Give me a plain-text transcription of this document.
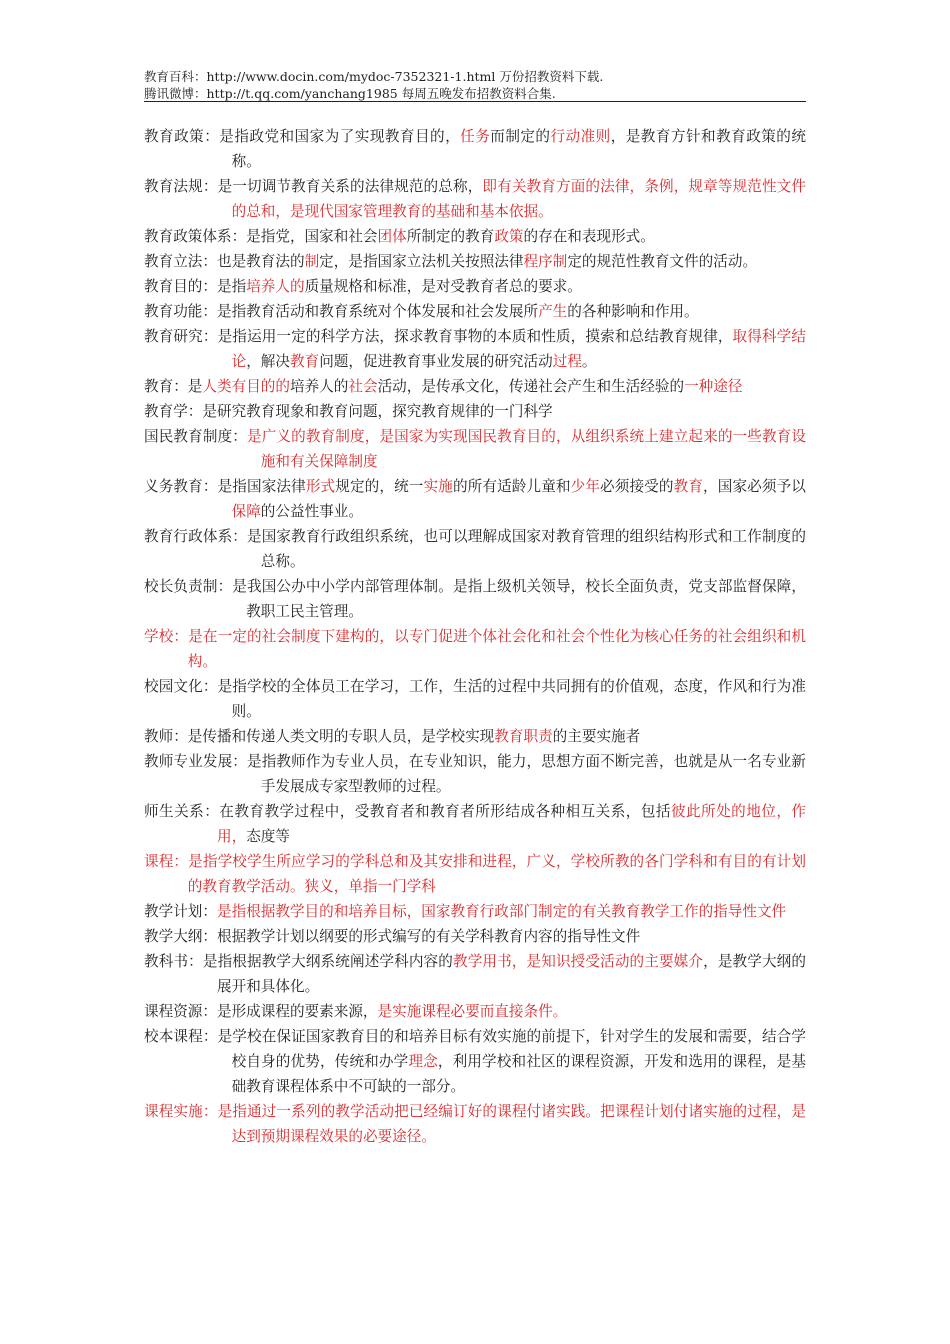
教育百科：http://www.docin.com/mydoc-7352321-1.html 万份招教资料下载.
腾讯微博：http://t.qq.com/yanchang1985 每周五晚发布招教资料合集.

教育政策：是指政党和国家为了实现教育目的，任务而制定的行动准则，是教育方针和教育政策的统称。

教育法规：是一切调节教育关系的法律规范的总称，即有关教育方面的法律，条例，规章等规范性文件的总和，是现代国家管理教育的基础和基本依据。

教育政策体系：是指党，国家和社会团体所制定的教育政策的存在和表现形式。

教育立法：也是教育法的制定，是指国家立法机关按照法律程序制定的规范性教育文件的活动。

教育目的：是指培养人的质量规格和标准，是对受教育者总的要求。

教育功能：是指教育活动和教育系统对个体发展和社会发展所产生的各种影响和作用。

教育研究：是指运用一定的科学方法，探求教育事物的本质和性质，摸索和总结教育规律，取得科学结论，解决教育问题，促进教育事业发展的研究活动过程。

教育：是人类有目的的培养人的社会活动，是传承文化，传递社会产生和生活经验的一种途径

教育学：是研究教育现象和教育问题，探究教育规律的一门科学

国民教育制度：是广义的教育制度，是国家为实现国民教育目的，从组织系统上建立起来的一些教育设施和有关保障制度

义务教育：是指国家法律形式规定的，统一实施的所有适龄儿童和少年必须接受的教育，国家必须予以保障的公益性事业。

教育行政体系：是国家教育行政组织系统，也可以理解成国家对教育管理的组织结构形式和工作制度的总称。

校长负责制：是我国公办中小学内部管理体制。是指上级机关领导，校长全面负责，党支部监督保障，教职工民主管理。

学校：是在一定的社会制度下建构的，以专门促进个体社会化和社会个性化为核心任务的社会组织和机构。

校园文化：是指学校的全体员工在学习，工作，生活的过程中共同拥有的价值观，态度，作风和行为准则。

教师：是传播和传递人类文明的专职人员，是学校实现教育职责的主要实施者

教师专业发展：是指教师作为专业人员，在专业知识，能力，思想方面不断完善，也就是从一名专业新手发展成专家型教师的过程。

师生关系：在教育教学过程中，受教育者和教育者所形结成各种相互关系，包括彼此所处的地位，作用，态度等

课程：是指学校学生所应学习的学科总和及其安排和进程，广义，学校所教的各门学科和有目的有计划的教育教学活动。狭义，单指一门学科

教学计划：是指根据教学目的和培养目标，国家教育行政部门制定的有关教育教学工作的指导性文件

教学大纲：根据教学计划以纲要的形式编写的有关学科教育内容的指导性文件

教科书：是指根据教学大纲系统阐述学科内容的教学用书，是知识授受活动的主要媒介，是教学大纲的展开和具体化。

课程资源：是形成课程的要素来源，是实施课程必要而直接条件。

校本课程：是学校在保证国家教育目的和培养目标有效实施的前提下，针对学生的发展和需要，结合学校自身的优势，传统和办学理念，利用学校和社区的课程资源，开发和选用的课程，是基础教育课程体系中不可缺的一部分。

课程实施：是指通过一系列的教学活动把已经编订好的课程付诸实践。把课程计划付诸实施的过程，是达到预期课程效果的必要途径。
